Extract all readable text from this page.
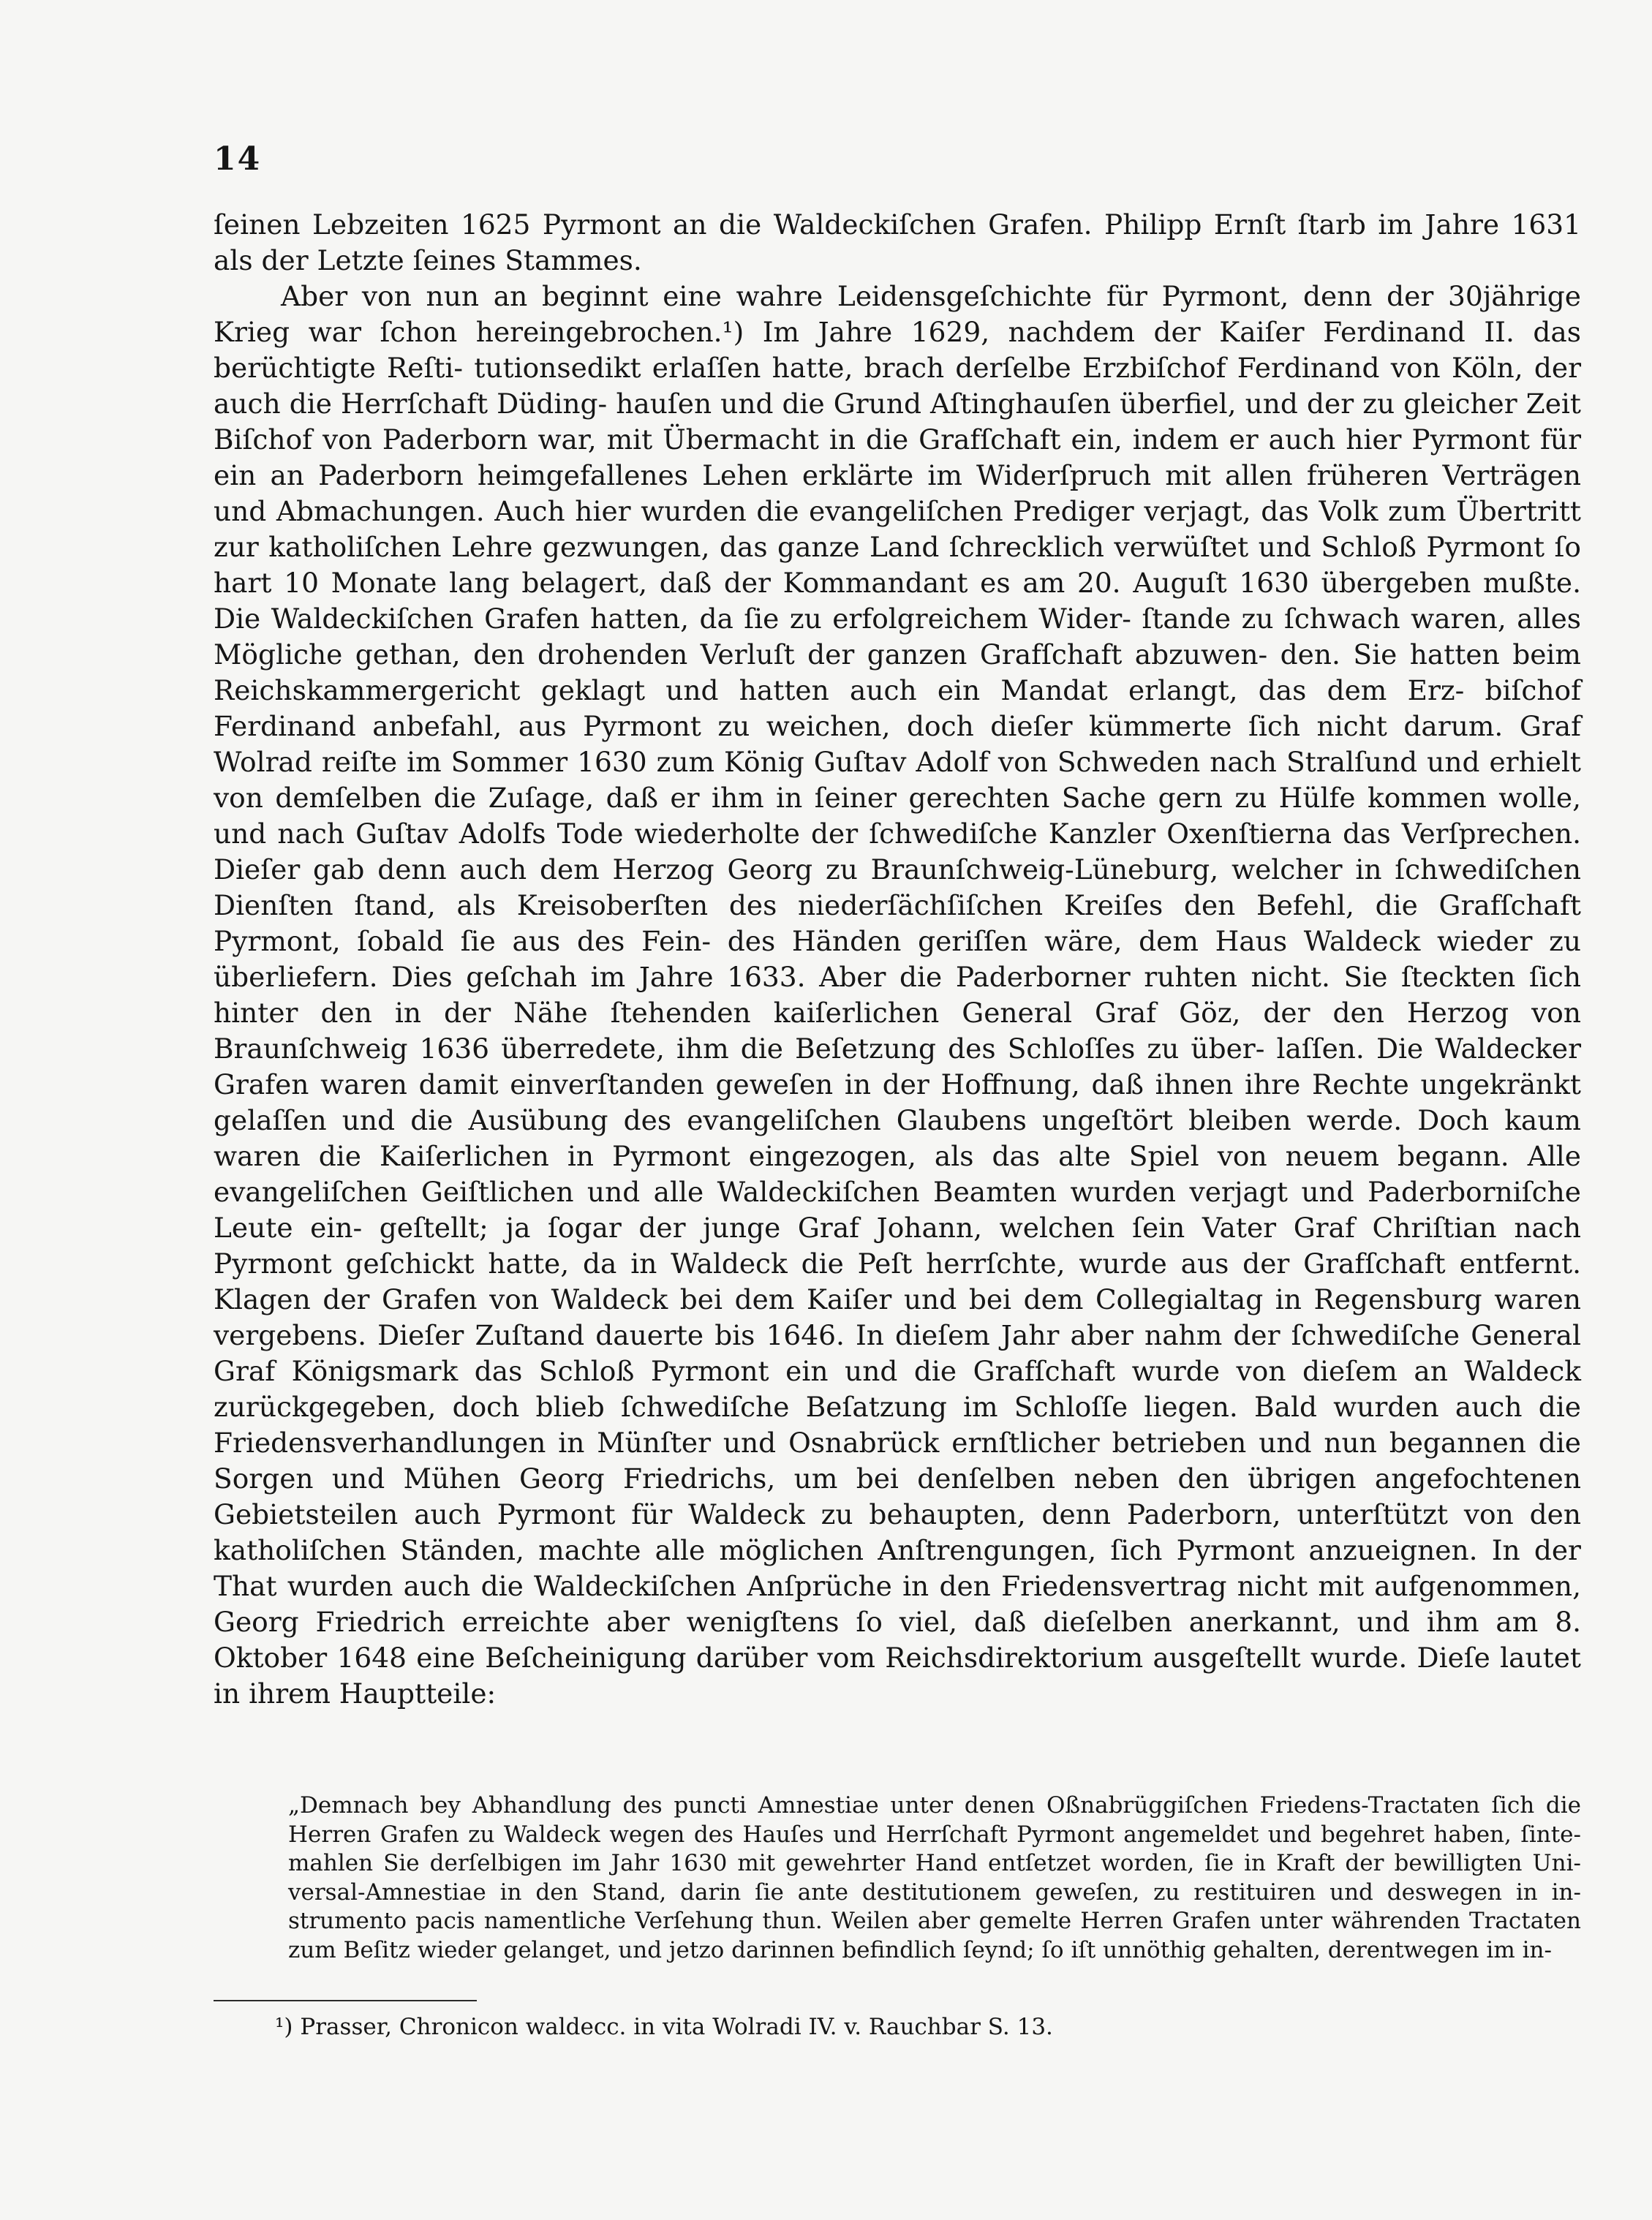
14

ſeinen Lebzeiten 1625 Pyrmont an die Waldeckiſchen Grafen. Philipp Ernſt ſtarb im Jahre 1631 als der Letzte ſeines Stammes.

Aber von nun an beginnt eine wahre Leidensgeſchichte für Pyrmont, denn der 30jährige Krieg war ſchon hereingebrochen.¹) Im Jahre 1629, nachdem der Kaiſer Ferdinand II. das berüchtigte Reſti- tutionsedikt erlaſſen hatte, brach derſelbe Erzbiſchof Ferdinand von Köln, der auch die Herrſchaft Düding- hauſen und die Grund Aſtinghauſen überfiel, und der zu gleicher Zeit Biſchof von Paderborn war, mit Übermacht in die Grafſchaft ein, indem er auch hier Pyrmont für ein an Paderborn heimgefallenes Lehen erklärte im Widerſpruch mit allen früheren Verträgen und Abmachungen. Auch hier wurden die evangeliſchen Prediger verjagt, das Volk zum Übertritt zur katholiſchen Lehre gezwungen, das ganze Land ſchrecklich verwüſtet und Schloß Pyrmont ſo hart 10 Monate lang belagert, daß der Kommandant es am 20. Auguſt 1630 übergeben mußte. Die Waldeckiſchen Grafen hatten, da ſie zu erfolgreichem Wider- ſtande zu ſchwach waren, alles Mögliche gethan, den drohenden Verluſt der ganzen Grafſchaft abzuwen- den. Sie hatten beim Reichskammergericht geklagt und hatten auch ein Mandat erlangt, das dem Erz- biſchof Ferdinand anbefahl, aus Pyrmont zu weichen, doch dieſer kümmerte ſich nicht darum. Graf Wolrad reiſte im Sommer 1630 zum König Guſtav Adolf von Schweden nach Stralſund und erhielt von demſelben die Zuſage, daß er ihm in ſeiner gerechten Sache gern zu Hülfe kommen wolle, und nach Guſtav Adolfs Tode wiederholte der ſchwediſche Kanzler Oxenſtierna das Verſprechen. Dieſer gab denn auch dem Herzog Georg zu Braunſchweig-Lüneburg, welcher in ſchwediſchen Dienſten ſtand, als Kreisoberſten des niederſächſiſchen Kreiſes den Befehl, die Grafſchaft Pyrmont, ſobald ſie aus des Fein- des Händen geriſſen wäre, dem Haus Waldeck wieder zu überliefern. Dies geſchah im Jahre 1633. Aber die Paderborner ruhten nicht. Sie ſteckten ſich hinter den in der Nähe ſtehenden kaiſerlichen General Graf Göz, der den Herzog von Braunſchweig 1636 überredete, ihm die Beſetzung des Schloſſes zu über- laſſen. Die Waldecker Grafen waren damit einverſtanden geweſen in der Hoffnung, daß ihnen ihre Rechte ungekränkt gelaſſen und die Ausübung des evangeliſchen Glaubens ungeſtört bleiben werde. Doch kaum waren die Kaiſerlichen in Pyrmont eingezogen, als das alte Spiel von neuem begann. Alle evangeliſchen Geiſtlichen und alle Waldeckiſchen Beamten wurden verjagt und Paderborniſche Leute ein- geſtellt; ja ſogar der junge Graf Johann, welchen ſein Vater Graf Chriſtian nach Pyrmont geſchickt hatte, da in Waldeck die Peſt herrſchte, wurde aus der Grafſchaft entfernt. Klagen der Grafen von Waldeck bei dem Kaiſer und bei dem Collegialtag in Regensburg waren vergebens. Dieſer Zuſtand dauerte bis 1646. In dieſem Jahr aber nahm der ſchwediſche General Graf Königsmark das Schloß Pyrmont ein und die Grafſchaft wurde von dieſem an Waldeck zurückgegeben, doch blieb ſchwediſche Beſatzung im Schloſſe liegen. Bald wurden auch die Friedensverhandlungen in Münſter und Osnabrück ernſtlicher betrieben und nun begannen die Sorgen und Mühen Georg Friedrichs, um bei denſelben neben den übrigen angefochtenen Gebietsteilen auch Pyrmont für Waldeck zu behaupten, denn Paderborn, unterſtützt von den katholiſchen Ständen, machte alle möglichen Anſtrengungen, ſich Pyrmont anzueignen. In der That wurden auch die Waldeckiſchen Anſprüche in den Friedensvertrag nicht mit aufgenommen, Georg Friedrich erreichte aber wenigſtens ſo viel, daß dieſelben anerkannt, und ihm am 8. Oktober 1648 eine Beſcheinigung darüber vom Reichsdirektorium ausgeſtellt wurde. Dieſe lautet in ihrem Hauptteile:

„Demnach bey Abhandlung des puncti Amnestiae unter denen Oßnabrüggiſchen Friedens-Tractaten ſich die Herren Grafen zu Waldeck wegen des Hauſes und Herrſchaft Pyrmont angemeldet und begehret haben, ſinte- mahlen Sie derſelbigen im Jahr 1630 mit gewehrter Hand entſetzet worden, ſie in Kraft der bewilligten Uni- versal-Amnestiae in den Stand, darin ſie ante destitutionem geweſen, zu restituiren und deswegen in in- strumento pacis namentliche Verſehung thun. Weilen aber gemelte Herren Grafen unter währenden Tractaten zum Beſitz wieder gelanget, und jetzo darinnen befindlich ſeynd; ſo iſt unnöthig gehalten, derentwegen im in-

¹) Prasser, Chronicon waldecc. in vita Wolradi IV. v. Rauchbar S. 13.
